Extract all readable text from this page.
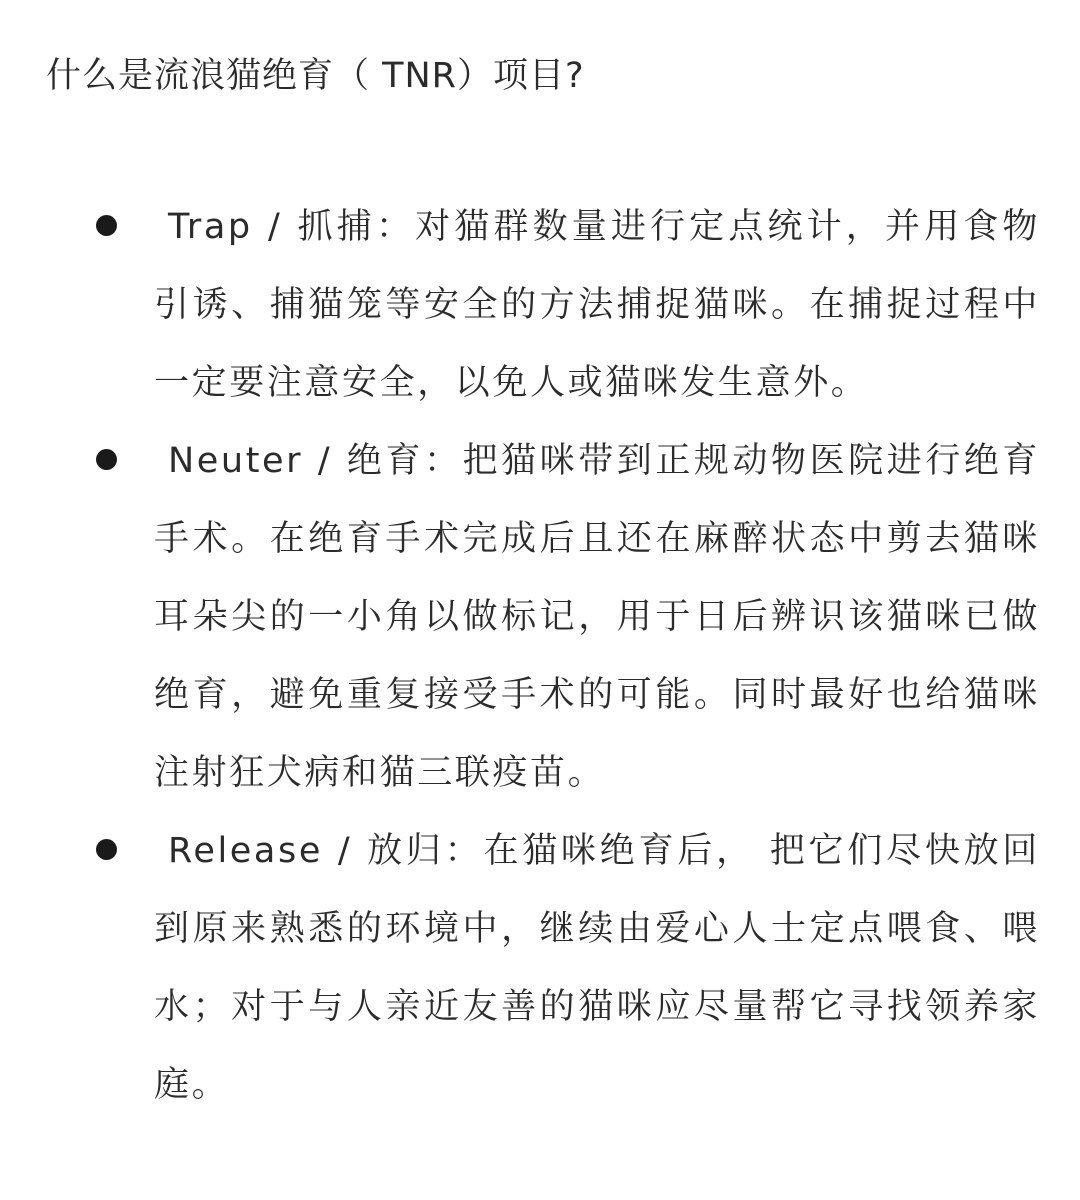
什么是流浪猫绝育（ TNR）项目?
Trap / 抓捕：对猫群数量进行定点统计，并用食物引诱、捕猫笼等安全的方法捕捉猫咪。在捕捉过程中一定要注意安全，以免人或猫咪发生意外。
Neuter / 绝育：把猫咪带到正规动物医院进行绝育手术。在绝育手术完成后且还在麻醉状态中剪去猫咪耳朵尖的一小角以做标记，用于日后辨识该猫咪已做绝育，避免重复接受手术的可能。同时最好也给猫咪注射狂犬病和猫三联疫苗。
Release / 放归：在猫咪绝育后， 把它们尽快放回到原来熟悉的环境中，继续由爱心人士定点喂食、喂水；对于与人亲近友善的猫咪应尽量帮它寻找领养家庭。
